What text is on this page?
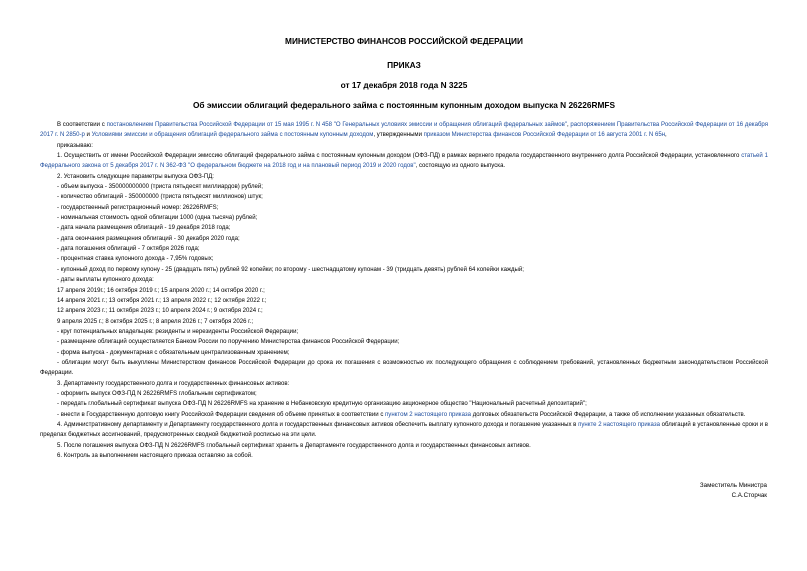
МИНИСТЕРСТВО ФИНАНСОВ РОССИЙСКОЙ ФЕДЕРАЦИИ
ПРИКАЗ
от 17 декабря 2018 года N 3225
Об эмиссии облигаций федерального займа с постоянным купонным доходом выпуска N 26226RMFS

В соответствии с постановлением Правительства Российской Федерации от 15 мая 1995 г. N 458 "О Генеральных условиях эмиссии и обращения облигаций федеральных займов", распоряжением Правительства Российской Федерации от 16 декабря 2017 г. N 2850-р и Условиями эмиссии и обращения облигаций федерального займа с постоянным купонным доходом, утвержденными приказом Министерства финансов Российской Федерации от 16 августа 2001 г. N 65н,

приказываю:

1. Осуществить от имени Российской Федерации эмиссию облигаций федерального займа с постоянным купонным доходом (ОФЗ-ПД) в рамках верхнего предела государственного внутреннего долга Российской Федерации, установленного статьей 1 Федерального закона от 5 декабря 2017 г. N 362-ФЗ "О федеральном бюджете на 2018 год и на плановый период 2019 и 2020 годов", состоящую из одного выпуска.

2. Установить следующие параметры выпуска ОФЗ-ПД:

- объем выпуска - 350000000000 (триста пятьдесят миллиардов) рублей;

- количество облигаций - 350000000 (триста пятьдесят миллионов) штук;

- государственный регистрационный номер: 26226RMFS;

- номинальная стоимость одной облигации 1000 (одна тысяча) рублей;

- дата начала размещения облигаций - 19 декабря 2018 года;

- дата окончания размещения облигаций - 30 декабря 2020 года;

- дата погашения облигаций - 7 октября 2026 года;

- процентная ставка купонного дохода - 7,95% годовых;

- купонный доход по первому купону - 25 (двадцать пять) рублей 92 копейки; по второму - шестнадцатому купонам - 39 (тридцать девять) рублей 64 копейки каждый;

- даты выплаты купонного дохода:

17 апреля 2019г.; 16 октября 2019 г.; 15 апреля 2020 г.; 14 октября 2020 г.;

14 апреля 2021 г.; 13 октября 2021 г.; 13 апреля 2022 г.; 12 октября 2022 г.;

12 апреля 2023 г.; 11 октября 2023 г.; 10 апреля 2024 г.; 9 октября 2024 г.;

9 апреля 2025 г.; 8 октября 2025 г.; 8 апреля 2026 г.; 7 октября 2026 г.;

- круг потенциальных владельцев: резиденты и нерезиденты Российской Федерации;

- размещение облигаций осуществляется Банком России по поручению Министерства финансов Российской Федерации;

- форма выпуска - документарная с обязательным централизованным хранением;

- облигации могут быть выкуплены Министерством финансов Российской Федерации до срока их погашения с возможностью их последующего обращения с соблюдением требований, установленных бюджетным законодательством Российской Федерации.

3. Департаменту государственного долга и государственных финансовых активов:

- оформить выпуск ОФЗ-ПД N 26226RMFS глобальным сертификатом;

- передать глобальный сертификат выпуска ОФЗ-ПД N 26226RMFS на хранение в Небанковскую кредитную организацию акционерное общество "Национальный расчетный депозитарий";

- внести в Государственную долговую книгу Российской Федерации сведения об объеме принятых в соответствии с пунктом 2 настоящего приказа долговых обязательств Российской Федерации, а также об исполнении указанных обязательств.

4. Административному департаменту и Департаменту государственного долга и государственных финансовых активов обеспечить выплату купонного дохода и погашение указанных в пункте 2 настоящего приказа облигаций в установленные сроки и в пределах бюджетных ассигнований, предусмотренных сводной бюджетной росписью на эти цели.

5. После погашения выпуска ОФЗ-ПД N 26226RMFS глобальный сертификат хранить в Департаменте государственного долга и государственных финансовых активов.

6. Контроль за выполнением настоящего приказа оставляю за собой.

Заместитель Министра
С.А.Сторчак
